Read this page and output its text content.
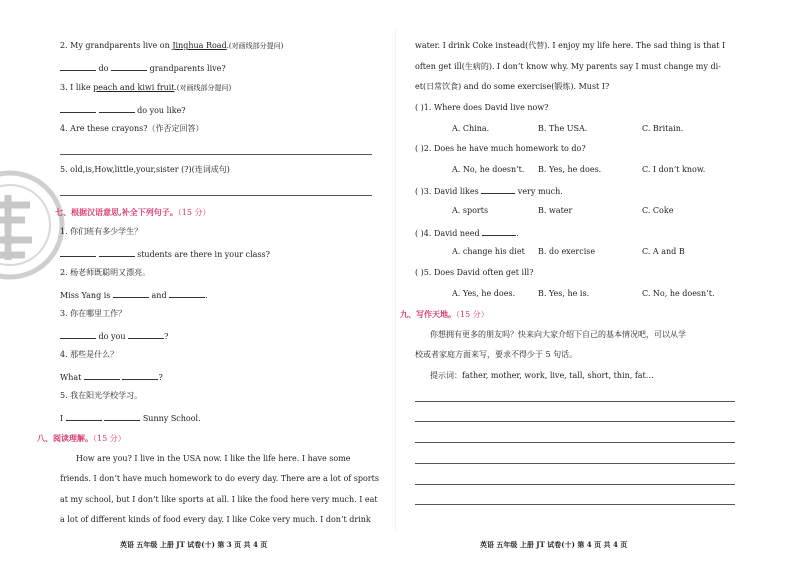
2. My grandparents live on Jinghua Road.(对画线部分提问)
do	grandparents live?
3. I like peach and kiwi fruit.(对画线部分提问)
do you like?
4. Are these crayons?（作否定回答）
5. old,is,How,little,your,sister (?)(连词成句)
七、根据汉语意思,补全下列句子。（15 分）
1. 你们班有多少学生？
students are there in your class?
2. 杨老师既聪明又漂亮。
Miss Yang is	and	.
3. 你在哪里工作？
do you	?
4. 那些是什么？
What	?
5. 我在阳光学校学习。
I	Sunny School.
八、阅读理解。（15 分）
How are you? I live in the USA now. I like the life here. I have some
friends. I don’t have much homework to do every day. There are a lot of sports
at my school, but I don’t like sports at all. I like the food here very much. I eat
a lot of different kinds of food every day. I like Coke very much. I don’t drink
英语 五年级 上册 JT 试卷(十) 第 3 页 共 4 页
water. I drink Coke instead(代替). I enjoy my life here. The sad thing is that I
often get ill(生病的). I don’t know why. My parents say I must change my di-
et(日常饮食) and do some exercise(锻炼). Must I?
( )1. Where does David live now?
A. China.	B. The USA.	C. Britain.
( )2. Does he have much homework to do?
A. No, he doesn’t. B. Yes, he does.	C. I don’t know.
( )3. David likes	very much.
A. sports	B. water	C. Coke
( )4. David need	.
A. change his diet B. do exercise	C. A and B
( )5. Does David often get ill?
A. Yes, he does.	B. Yes, he is.	C. No, he doesn’t.
九、写作天地。（15 分）
你想拥有更多的朋友吗？快来向大家介绍下自己的基本情况吧，可以从学
校或者家庭方面来写，要求不得少于 5 句话。
提示词：father, mother, work, live, tall, short, thin, fat…
英语 五年级 上册 JT 试卷(十) 第 4 页 共 4 页
